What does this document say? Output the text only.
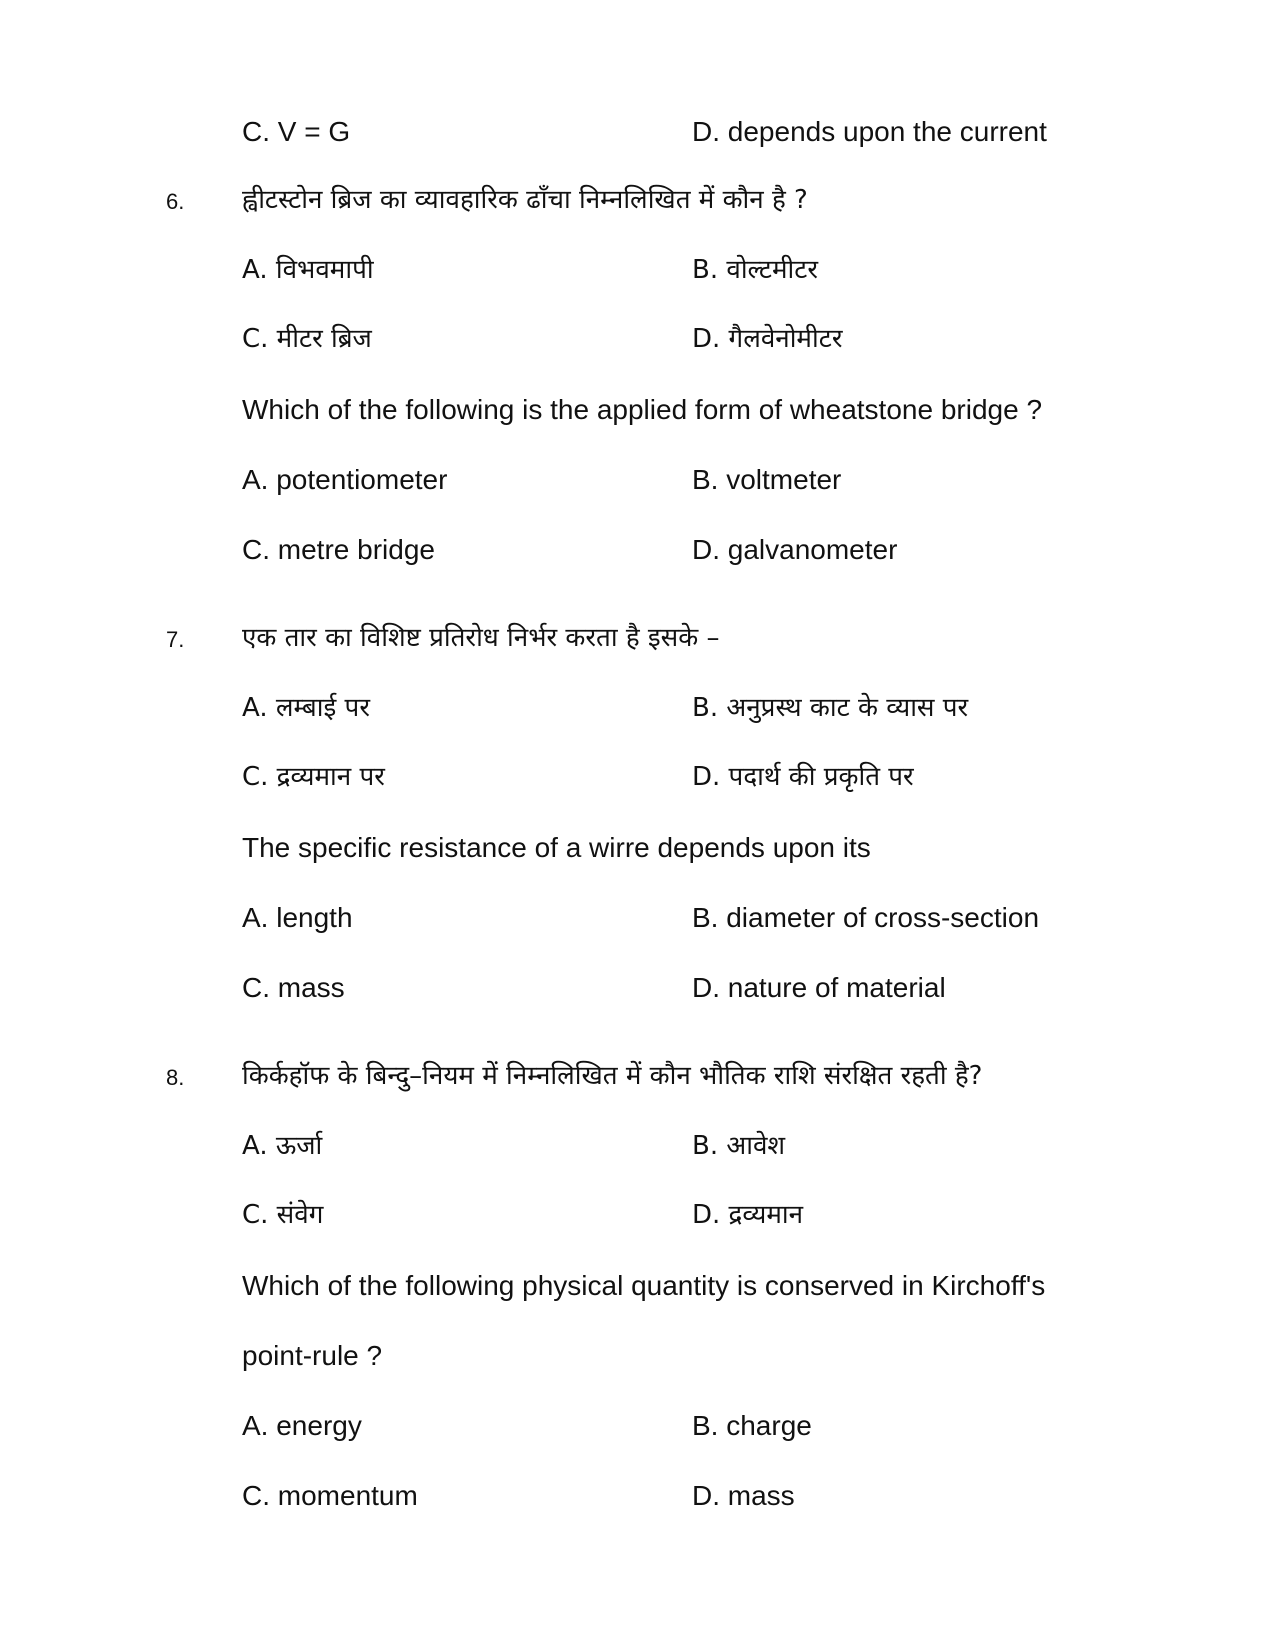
C. V = G	D. depends upon the current
6. ह्वीटस्टोन ब्रिज का व्यावहारिक ढाँचा निम्नलिखित में कौन है ?
A. विभवमापी	B. वोल्टमीटर
C. मीटर ब्रिज	D. गैलवेनोमीटर
Which of the following is the applied form of wheatstone bridge ?
A. potentiometer	B. voltmeter
C. metre bridge	D. galvanometer
7. एक तार का विशिष्ट प्रतिरोध निर्भर करता है इसके –
A. लम्बाई पर	B. अनुप्रस्थ काट के व्यास पर
C. द्रव्यमान पर	D. पदार्थ की प्रकृति पर
The specific resistance of a wirre depends upon its
A. length	B. diameter of cross-section
C. mass	D. nature of material
8. किर्कहॉफ के बिन्दु–नियम में निम्नलिखित में कौन भौतिक राशि संरक्षित रहती है?
A. ऊर्जा	B. आवेश
C. संवेग	D. द्रव्यमान
Which of the following physical quantity is conserved in Kirchoff's
point-rule ?
A. energy	B. charge
C. momentum	D. mass
